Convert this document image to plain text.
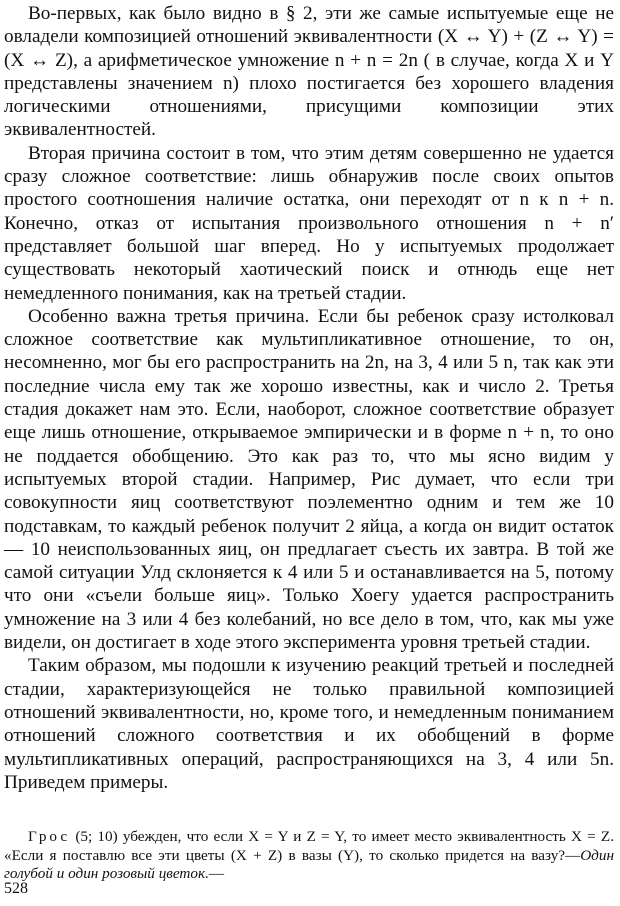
Во-первых, как было видно в § 2, эти же самые испытуемые еще не овладели композицией отношений эквивалентности (X ↔ Y) + (Z ↔ Y) = (X ↔ Z), а арифметическое умножение n + n = 2n ( в случае, когда X и Y представлены значением n) плохо постигается без хорошего владения логическими отношениями, присущими композиции этих эквивалентностей.

Вторая причина состоит в том, что этим детям совершенно не удается сразу сложное соответствие: лишь обнаружив после своих опытов простого соотношения наличие остатка, они переходят от n к n + n. Конечно, отказ от испытания произвольного отношения n + n′ представляет большой шаг вперед. Но у испытуемых продолжает существовать некоторый хаотический поиск и отнюдь еще нет немедленного понимания, как на третьей стадии.

Особенно важна третья причина. Если бы ребенок сразу истолковал сложное соответствие как мультипликативное отношение, то он, несомненно, мог бы его распространить на 2n, на 3, 4 или 5 n, так как эти последние числа ему так же хорошо известны, как и число 2. Третья стадия докажет нам это. Если, наоборот, сложное соответствие образует еще лишь отношение, открываемое эмпирически и в форме n + n, то оно не поддается обобщению. Это как раз то, что мы ясно видим у испытуемых второй стадии. Например, Рис думает, что если три совокупности яиц соответствуют поэлементно одним и тем же 10 подставкам, то каждый ребенок получит 2 яйца, а когда он видит остаток — 10 неиспользованных яиц, он предлагает съесть их завтра. В той же самой ситуации Улд склоняется к 4 или 5 и останавливается на 5, потому что они «съели больше яиц». Только Хоегу удается распространить умножение на 3 или 4 без колебаний, но все дело в том, что, как мы уже видели, он достигает в ходе этого эксперимента уровня третьей стадии.

Таким образом, мы подошли к изучению реакций третьей и последней стадии, характеризующейся не только правильной композицией отношений эквивалентности, но, кроме того, и немедленным пониманием отношений сложного соответствия и их обобщений в форме мультипликативных операций, распространяющихся на 3, 4 или 5n. Приведем примеры.

Грос (5; 10) убежден, что если X = Y и Z = Y, то имеет место эквивалентность X = Z. «Если я поставлю все эти цветы (X + Z) в вазы (Y), то сколько придется на вазу?—Один голубой и один розовый цветок.—

528
